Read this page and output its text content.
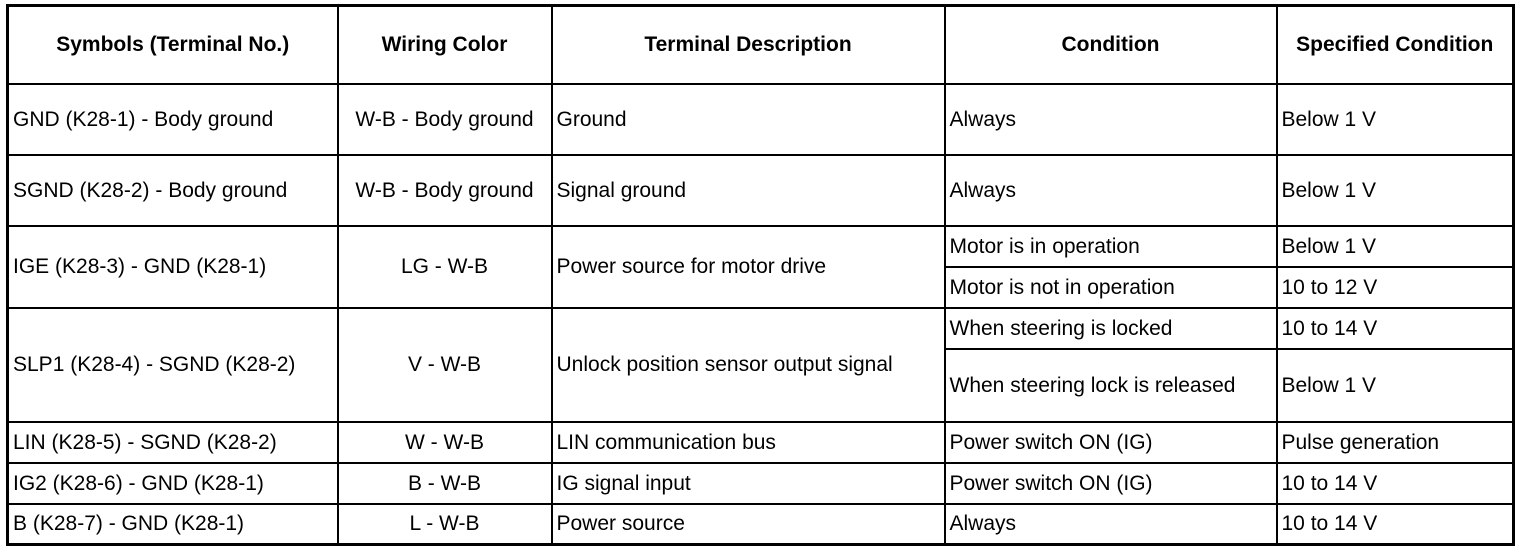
Symbols (Terminal No.)	Wiring Color	Terminal Description	Condition	Specified Condition
GND (K28-1) - Body ground	W-B - Body ground	Ground	Always	Below 1 V
SGND (K28-2) - Body ground	W-B - Body ground	Signal ground	Always	Below 1 V
IGE (K28-3) - GND (K28-1)	LG - W-B	Power source for motor drive	Motor is in operation	Below 1 V
			Motor is not in operation	10 to 12 V
SLP1 (K28-4) - SGND (K28-2)	V - W-B	Unlock position sensor output signal	When steering is locked	10 to 14 V
			When steering lock is released	Below 1 V
LIN (K28-5) - SGND (K28-2)	W - W-B	LIN communication bus	Power switch ON (IG)	Pulse generation
IG2 (K28-6) - GND (K28-1)	B - W-B	IG signal input	Power switch ON (IG)	10 to 14 V
B (K28-7) - GND (K28-1)	L - W-B	Power source	Always	10 to 14 V
